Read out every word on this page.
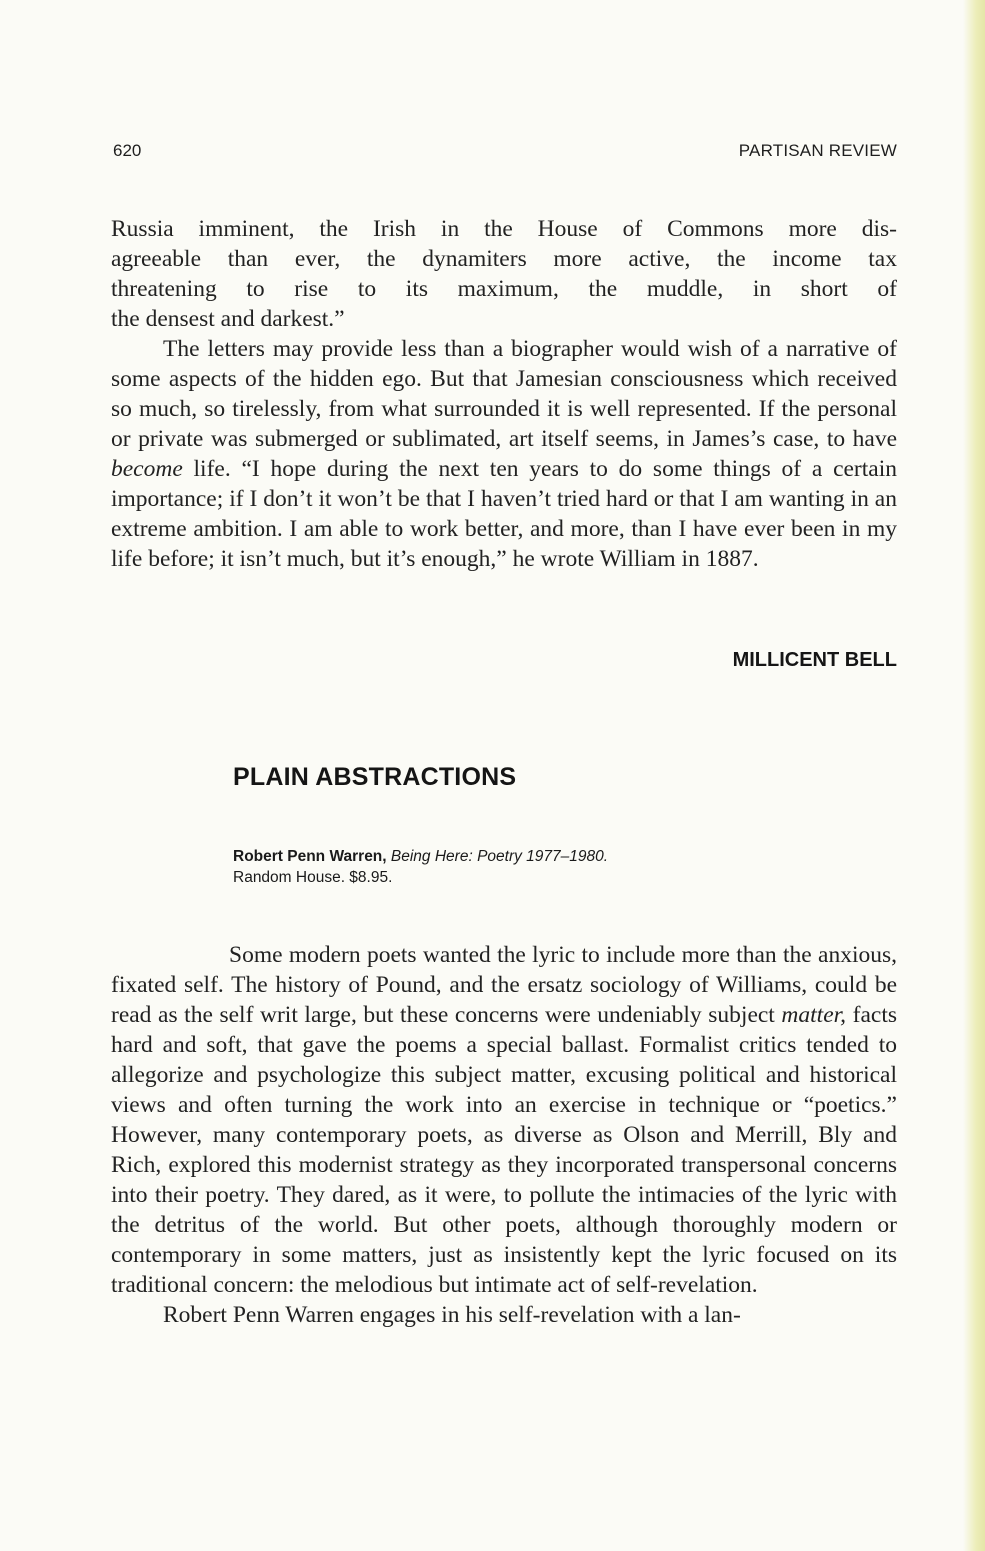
620	PARTISAN REVIEW

Russia imminent, the Irish in the House of Commons more dis-
agreeable than ever, the dynamiters more active, the income tax
threatening to rise to its maximum, the muddle, in short of
the densest and darkest.”

The letters may provide less than a biographer would wish of a narrative of some aspects of the hidden ego. But that Jamesian consciousness which received so much, so tirelessly, from what surrounded it is well represented. If the personal or private was submerged or sublimated, art itself seems, in James’s case, to have become life. “I hope during the next ten years to do some things of a certain importance; if I don’t it won’t be that I haven’t tried hard or that I am wanting in an extreme ambition. I am able to work better, and more, than I have ever been in my life before; it isn’t much, but it’s enough,” he wrote William in 1887.

MILLICENT BELL
PLAIN ABSTRACTIONS
Robert Penn Warren, Being Here: Poetry 1977–1980.
Random House. $8.95.

Some modern poets wanted the lyric to include more than the anxious, fixated self. The history of Pound, and the ersatz sociology of Williams, could be read as the self writ large, but these concerns were undeniably subject matter, facts hard and soft, that gave the poems a special ballast. Formalist critics tended to allegorize and psychologize this subject matter, excusing political and historical views and often turning the work into an exercise in technique or “poetics.” However, many contemporary poets, as diverse as Olson and Merrill, Bly and Rich, explored this modernist strategy as they incorporated transpersonal concerns into their poetry. They dared, as it were, to pollute the intimacies of the lyric with the detritus of the world. But other poets, although thoroughly modern or contemporary in some matters, just as insistently kept the lyric focused on its traditional concern: the melodious but intimate act of self-revelation.

Robert Penn Warren engages in his self-revelation with a lan-
